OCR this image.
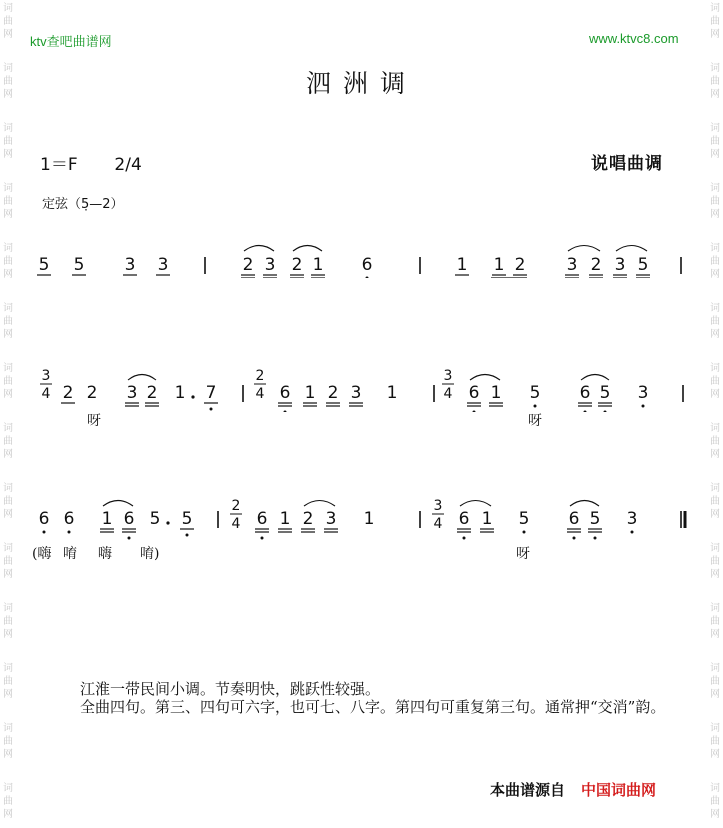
词
曲
网
词
曲
网
词
曲
网
词
曲
网
词
曲
网
词
曲
网
词
曲
网
词
曲
网
词
曲
网
词
曲
网
词
曲
网
词
曲
网
词
曲
网
词
曲
网
词
曲
网
词
曲
网
词
曲
网
词
曲
网
词
曲
网
词
曲
网
词
曲
网
词
曲
网
词
曲
网
词
曲
网
词
曲
网
词
曲
网
词
曲
网
词
曲
网
ktv查吧曲谱网	www.ktvc8.com
泗洲调
1＝F 2/4	说唱曲调
定弦（5̣—2）
5 5 3 3	2 3 2 1 6	1 1 2 3 2 3 5
3
4 2 2 3 2 1 7
2
4 6 1 2 3 1
3
4 6 1 5 6 5 3
呀	呀
6 6 1 6 5 5
2
4 6 1 2 3 1
3
4 6 1 5 6 5 3
(嗨 唷 嗨 唷)	呀

江淮一带民间小调。节奏明快，跳跃性较强。

全曲四句。第三、四句可六字，也可七、八字。第四句可重复第三句。通常押“交消”韵。

本曲谱源自 中国词曲网
